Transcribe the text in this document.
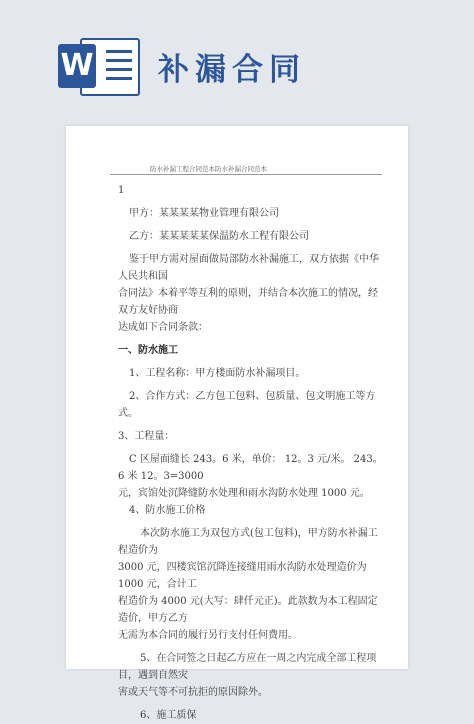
W 补漏合同
防水补漏工程合同范本防水补漏合同范本

1

甲方：某某某某物业管理有限公司

乙方：某某某某某保温防水工程有限公司

鉴于甲方需对屋面做局部防水补漏施工，双方依据《中华人民共和国

合同法》本着平等互利的原则，并结合本次施工的情况，经双方友好协商

达成如下合同条款：

一、防水施工

1、工程名称：甲方楼面防水补漏项目。

2、合作方式：乙方包工包料、包质量、包文明施工等方式。

3、工程量：

C 区屋面缝长 243。6 米，单价： 12。3 元/米。 243。6 米 12。3=3000

元，宾馆处沉降缝防水处理和雨水沟防水处理 1000 元。

4、防水施工价格

本次防水施工为双包方式(包工包料)，甲方防水补漏工程造价为

3000 元，四楼宾馆沉降连接缝用雨水沟防水处理造价为 1000 元，合计工

程造价为 4000 元(大写：肆仟元正)。此款数为本工程固定造价，甲方乙方

无需为本合同的履行另行支付任何费用。

5、在合同签之日起乙方应在一周之内完成全部工程项目，遇到自然灾

害或天气等不可抗拒的原因除外。

6、施工质保
